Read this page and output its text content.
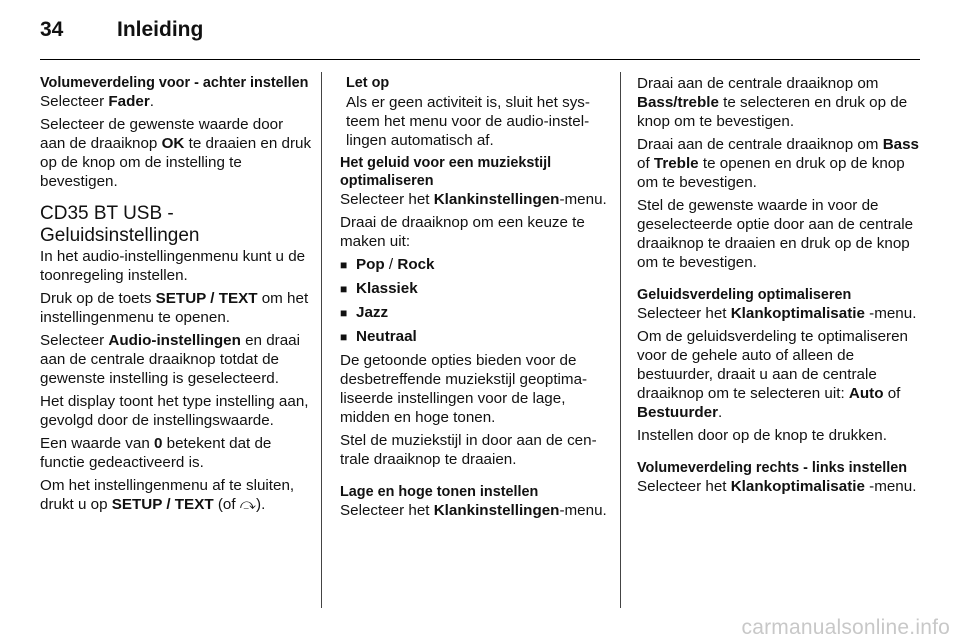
34	Inleiding

Volumeverdeling voor - achter instellen

Selecteer Fader.

Selecteer de gewenste waarde door aan de draaiknop OK te draaien en druk op de knop om de instelling te bevestigen.

CD35 BT USB - Geluidsinstellingen

In het audio-instellingenmenu kunt u de toonregeling instellen.

Druk op de toets SETUP / TEXT om het instellingenmenu te openen.

Selecteer Audio-instellingen en draai aan de centrale draaiknop totdat de gewenste instelling is geselecteerd.

Het display toont het type instelling aan, gevolgd door de instellingswaarde.

Een waarde van 0 betekent dat de functie gedeactiveerd is.

Om het instellingenmenu af te sluiten, drukt u op SETUP / TEXT (of ⤼).

Let op

Als er geen activiteit is, sluit het systeem het menu voor de audio-instellingen automatisch af.

Het geluid voor een muziekstijl optimaliseren

Selecteer het Klankinstellingen-menu.

Draai de draaiknop om een keuze te maken uit:

■ Pop / Rock

■ Klassiek

■ Jazz

■ Neutraal

De getoonde opties bieden voor de desbetreffende muziekstijl geoptimaliseerde instellingen voor de lage, midden en hoge tonen.

Stel de muziekstijl in door aan de centrale draaiknop te draaien.

Lage en hoge tonen instellen

Selecteer het Klankinstellingen-menu.

Draai aan de centrale draaiknop om Bass/treble te selecteren en druk op de knop om te bevestigen.

Draai aan de centrale draaiknop om Bass of Treble te openen en druk op de knop om te bevestigen.

Stel de gewenste waarde in voor de geselecteerde optie door aan de centrale draaiknop te draaien en druk op de knop om te bevestigen.

Geluidsverdeling optimaliseren

Selecteer het Klankoptimalisatie -menu.

Om de geluidsverdeling te optimaliseren voor de gehele auto of alleen de bestuurder, draait u aan de centrale draaiknop om te selecteren uit: Auto of Bestuurder.

Instellen door op de knop te drukken.

Volumeverdeling rechts - links instellen

Selecteer het Klankoptimalisatie -menu.

carmanualsonline.info
